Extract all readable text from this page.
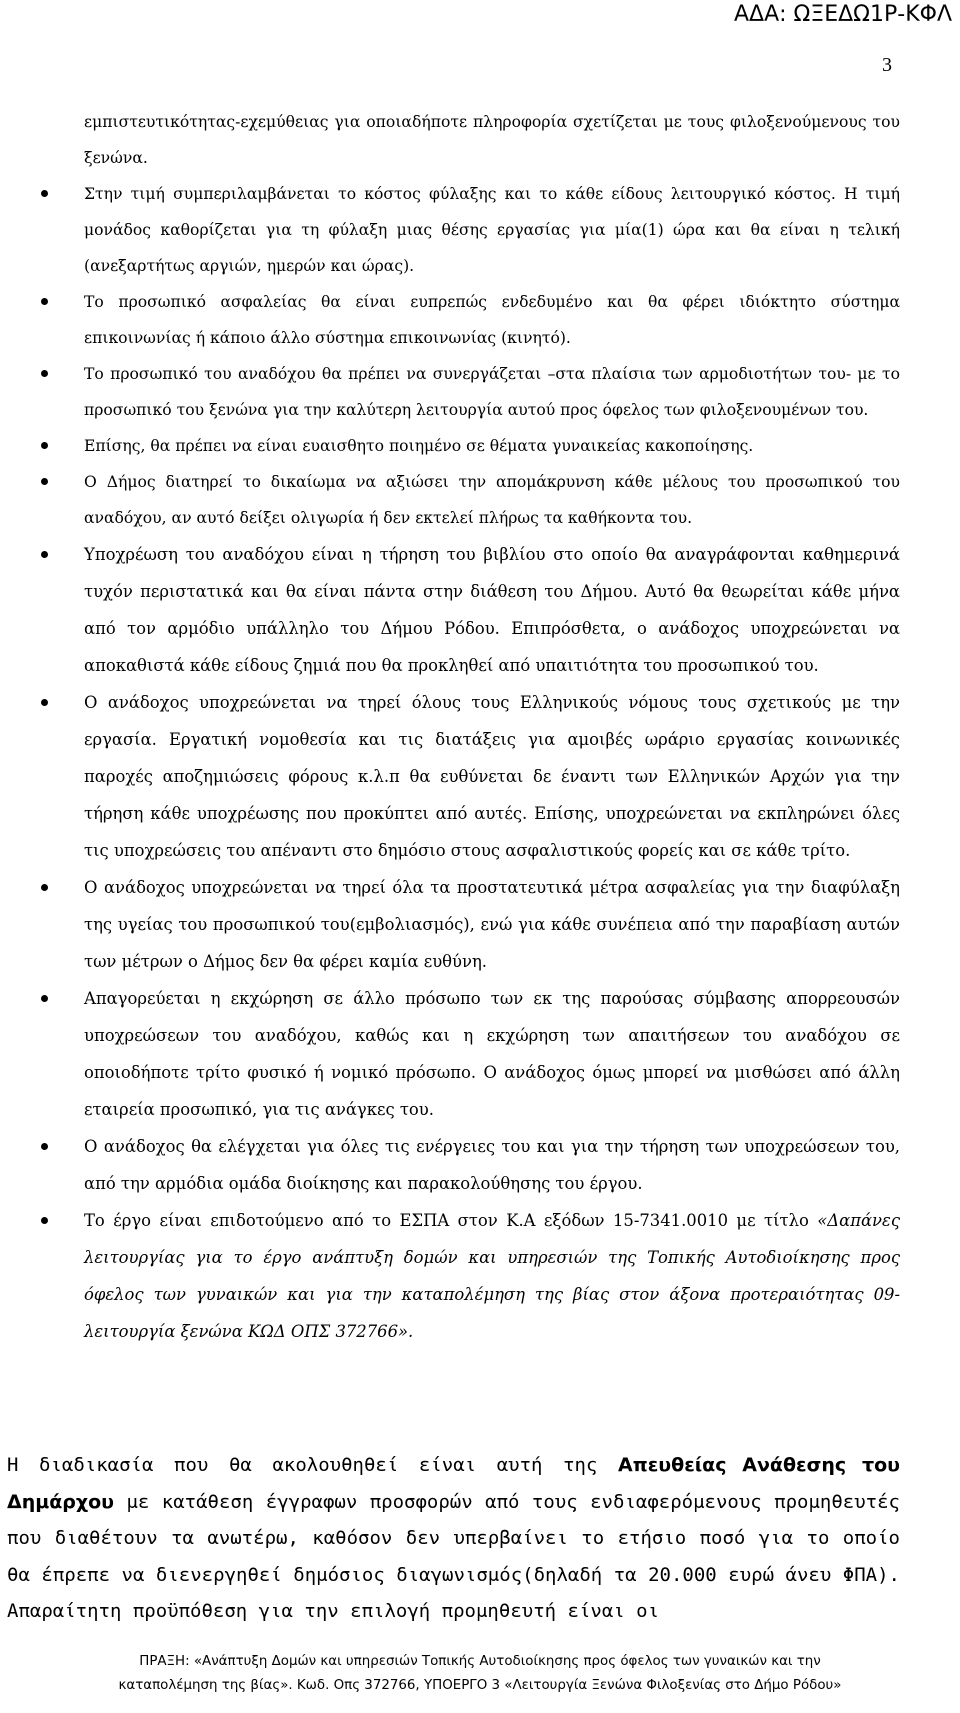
ΑΔΑ: ΩΞΕΔΩ1Ρ-ΚΦΛ
3
εμπιστευτικότητας-εχεμύθειας για οποιαδήποτε πληροφορία σχετίζεται με τους φιλοξενούμενους του ξενώνα.
Στην τιμή συμπεριλαμβάνεται το κόστος φύλαξης και το κάθε είδους λειτουργικό κόστος. Η τιμή μονάδος καθορίζεται για τη φύλαξη μιας θέσης εργασίας για μία(1) ώρα και θα είναι η τελική (ανεξαρτήτως αργιών, ημερών και ώρας).
Το προσωπικό ασφαλείας θα είναι ευπρεπώς ενδεδυμένο και θα φέρει ιδιόκτητο σύστημα επικοινωνίας ή κάποιο άλλο σύστημα επικοινωνίας (κινητό).
Το προσωπικό του αναδόχου θα πρέπει να συνεργάζεται –στα πλαίσια των αρμοδιοτήτων του- με το προσωπικό του ξενώνα για την καλύτερη λειτουργία αυτού προς όφελος των φιλοξενουμένων του.
Επίσης, θα πρέπει να είναι ευαισθητο ποιημένο σε θέματα γυναικείας κακοποίησης.
Ο Δήμος διατηρεί το δικαίωμα να αξιώσει την απομάκρυνση κάθε μέλους του προσωπικού του αναδόχου, αν αυτό δείξει ολιγωρία ή δεν εκτελεί πλήρως τα καθήκοντα του.
Υποχρέωση του αναδόχου είναι η τήρηση του βιβλίου στο οποίο θα αναγράφονται καθημερινά τυχόν περιστατικά και θα είναι πάντα στην διάθεση του Δήμου. Αυτό θα θεωρείται κάθε μήνα από τον αρμόδιο υπάλληλο του Δήμου Ρόδου. Επιπρόσθετα, ο ανάδοχος υποχρεώνεται να αποκαθιστά κάθε είδους ζημιά που θα προκληθεί από υπαιτιότητα του προσωπικού του.
Ο ανάδοχος υποχρεώνεται να τηρεί όλους τους Ελληνικούς νόμους τους σχετικούς με την εργασία. Εργατική νομοθεσία και τις διατάξεις για αμοιβές ωράριο εργασίας κοινωνικές παροχές αποζημιώσεις φόρους κ.λ.π θα ευθύνεται δε έναντι των Ελληνικών Αρχών για την τήρηση κάθε υποχρέωσης που προκύπτει από αυτές. Επίσης, υποχρεώνεται να εκπληρώνει όλες τις υποχρεώσεις του απέναντι στο δημόσιο στους ασφαλιστικούς φορείς και σε κάθε τρίτο.
Ο ανάδοχος υποχρεώνεται να τηρεί όλα τα προστατευτικά μέτρα ασφαλείας για την διαφύλαξη της υγείας του προσωπικού του(εμβολιασμός), ενώ για κάθε συνέπεια από την παραβίαση αυτών των μέτρων ο Δήμος δεν θα φέρει καμία ευθύνη.
Απαγορεύεται η εκχώρηση σε άλλο πρόσωπο των εκ της παρούσας σύμβασης απορρεουσών υποχρεώσεων του αναδόχου, καθώς και η εκχώρηση των απαιτήσεων του αναδόχου σε οποιοδήποτε τρίτο φυσικό ή νομικό πρόσωπο. Ο ανάδοχος όμως μπορεί να μισθώσει από άλλη εταιρεία προσωπικό, για τις ανάγκες του.
Ο ανάδοχος θα ελέγχεται για όλες τις ενέργειες του και για την τήρηση των υποχρεώσεων του, από την αρμόδια ομάδα διοίκησης και παρακολούθησης του έργου.
Το έργο είναι επιδοτούμενο από το ΕΣΠΑ στον Κ.Α εξόδων 15-7341.0010 με τίτλο «Δαπάνες λειτουργίας για το έργο ανάπτυξη δομών και υπηρεσιών της Τοπικής Αυτοδιοίκησης προς όφελος των γυναικών και για την καταπολέμηση της βίας στον άξονα προτεραιότητας 09-λειτουργία ξενώνα ΚΩΔ ΟΠΣ 372766».

Η διαδικασία που θα ακολουθηθεί είναι αυτή της Απευθείας Ανάθεσης του Δημάρχου με κατάθεση έγγραφων προσφορών από τους ενδιαφερόμενους προμηθευτές που διαθέτουν τα ανωτέρω, καθόσον δεν υπερβαίνει το ετήσιο ποσό για το οποίο θα έπρεπε να διενεργηθεί δημόσιος διαγωνισμός(δηλαδή τα 20.000 ευρώ άνευ ΦΠΑ). Απαραίτητη προϋπόθεση για την επιλογή προμηθευτή είναι οι

ΠΡΑΞΗ: «Ανάπτυξη Δομών και υπηρεσιών Τοπικής Αυτοδιοίκησης προς όφελος των γυναικών και την
καταπολέμηση της βίας». Κωδ. Οπς 372766, ΥΠΟΕΡΓΟ 3 «Λειτουργία Ξενώνα Φιλοξενίας στο Δήμο Ρόδου»
